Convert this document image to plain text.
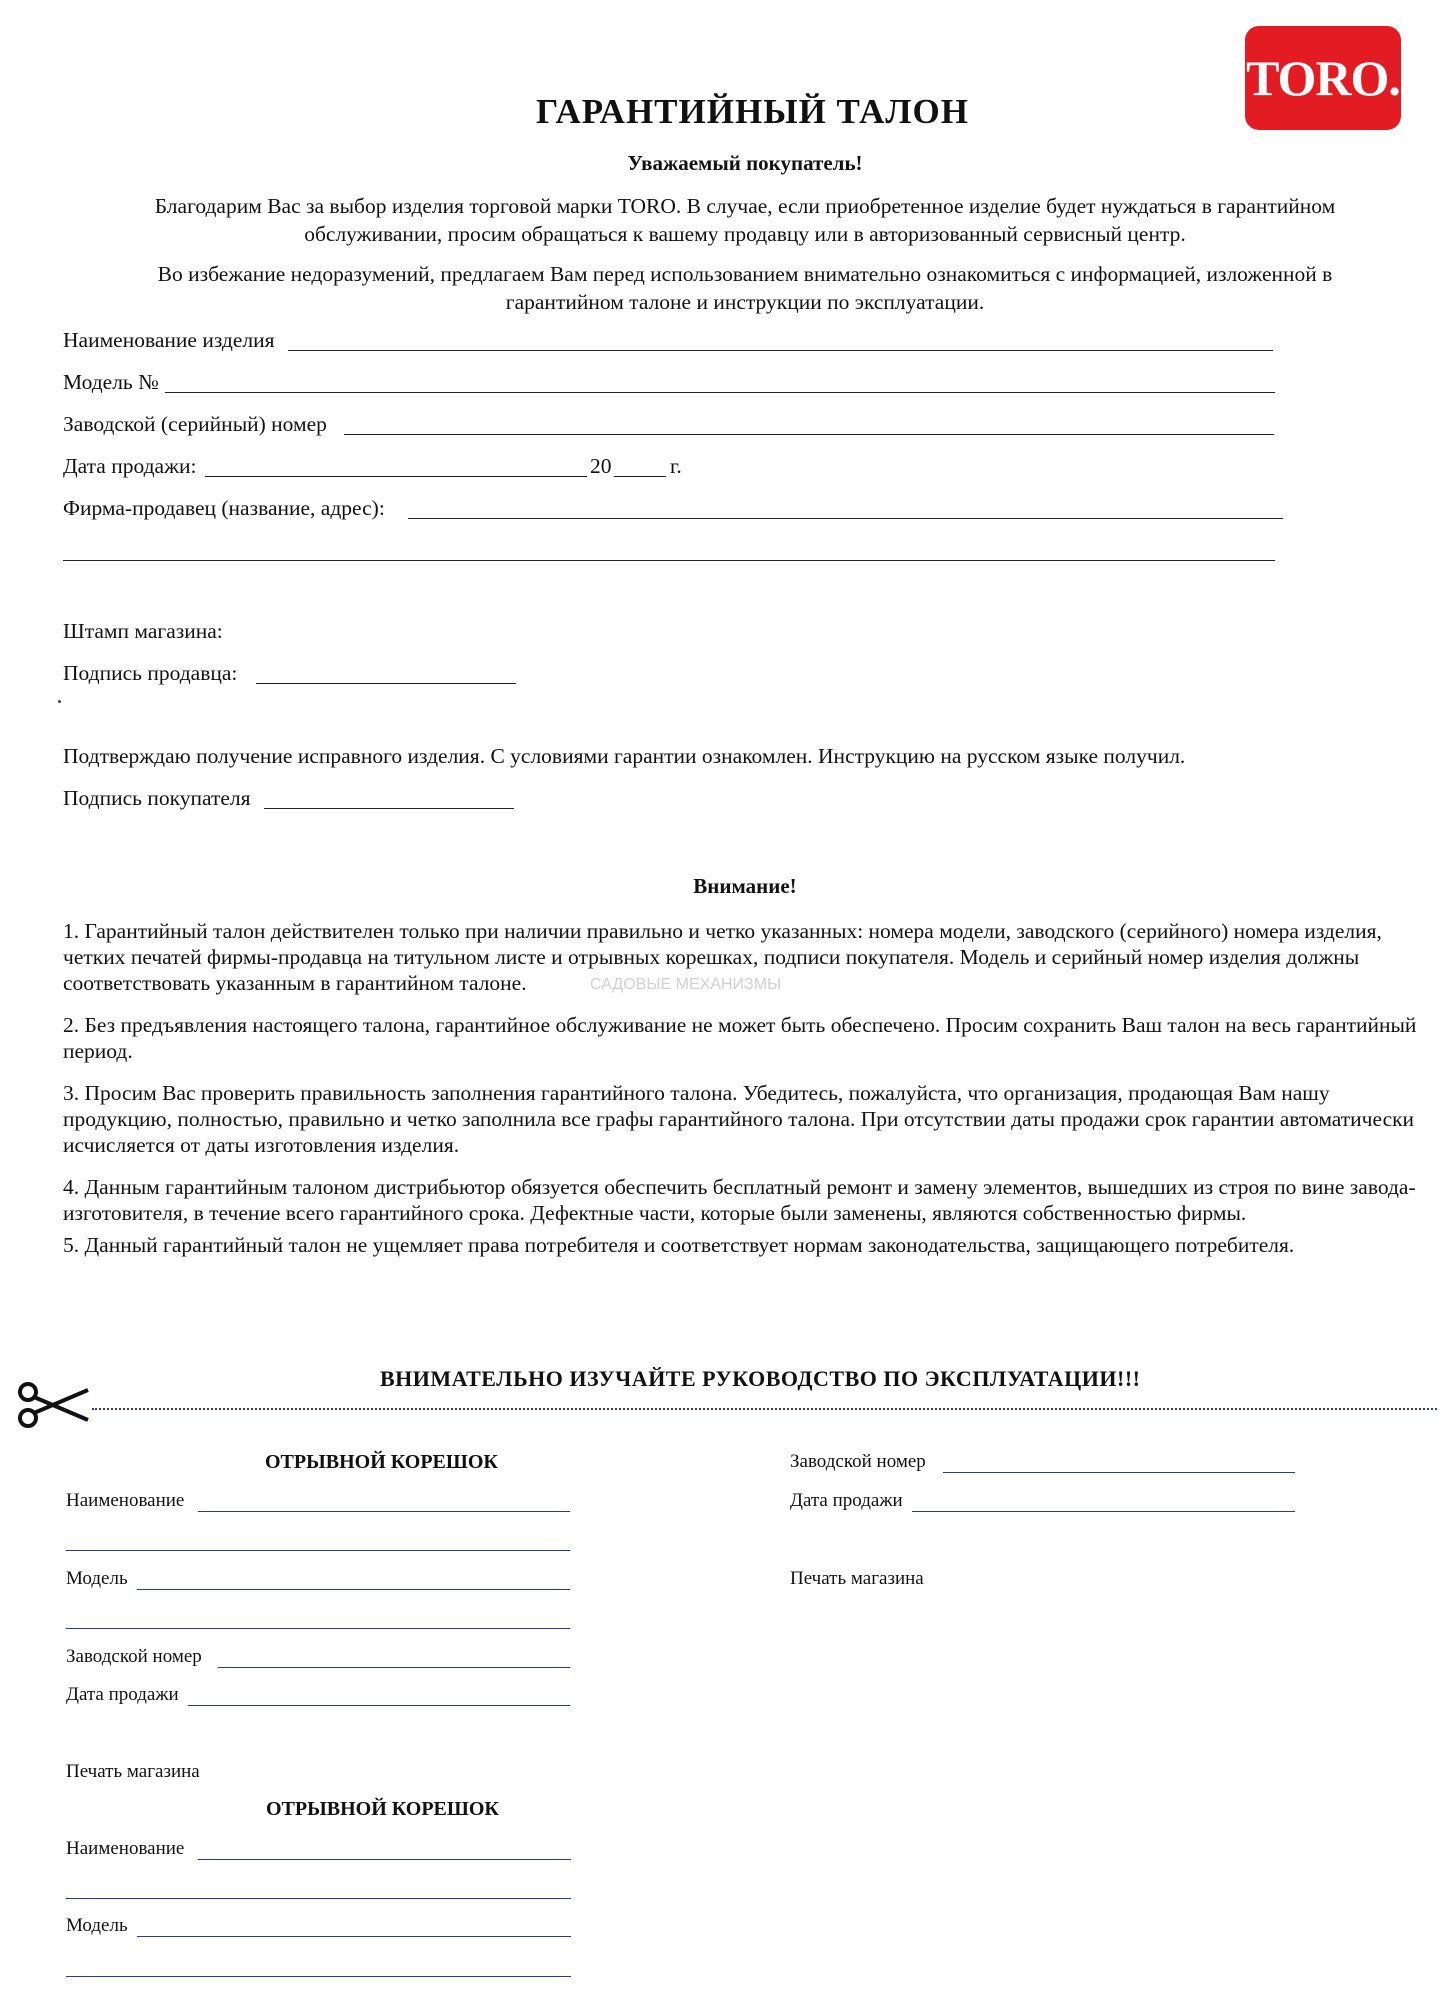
TORO.
ГАРАНТИЙНЫЙ ТАЛОН
Уважаемый покупатель!
Благодарим Вас за выбор изделия торговой марки TORO. В случае, если приобретенное изделие будет нуждаться в гарантийном обслуживании, просим обращаться к вашему продавцу или в авторизованный сервисный центр.
Во избежание недоразумений, предлагаем Вам перед использованием внимательно ознакомиться с информацией, изложенной в гарантийном талоне и инструкции по эксплуатации.
Наименование изделия
Модель №
Заводской (серийный) номер
Дата продажи:	20	г.
Фирма-продавец (название, адрес):
Штамп магазина:
Подпись продавца:
Подтверждаю получение исправного изделия. С условиями гарантии ознакомлен. Инструкцию на русском языке получил.
Подпись покупателя
Внимание!
1. Гарантийный талон действителен только при наличии правильно и четко указанных: номера модели, заводского (серийного) номера изделия, четких печатей фирмы-продавца на титульном листе и отрывных корешках, подписи покупателя. Модель и серийный номер изделия должны соответствовать указанным в гарантийном талоне.
2. Без предъявления настоящего талона, гарантийное обслуживание не может быть обеспечено. Просим сохранить Ваш талон на весь гарантийный период.
3. Просим Вас проверить правильность заполнения гарантийного талона. Убедитесь, пожалуйста, что организация, продающая Вам нашу продукцию, полностью, правильно и четко заполнила все графы гарантийного талона. При отсутствии даты продажи срок гарантии автоматически исчисляется от даты изготовления изделия.
4. Данным гарантийным талоном дистрибьютор обязуется обеспечить бесплатный ремонт и замену элементов, вышедших из строя по вине завода-изготовителя, в течение всего гарантийного срока. Дефектные части, которые были заменены, являются собственностью фирмы.
5. Данный гарантийный талон не ущемляет права потребителя и соответствует нормам законодательства, защищающего потребителя.
САДОВЫЕ МЕХАНИЗМЫ
ВНИМАТЕЛЬНО ИЗУЧАЙТЕ РУКОВОДСТВО ПО ЭКСПЛУАТАЦИИ!!!
ОТРЫВНОЙ КОРЕШОК
Наименование
Модель
Заводской номер
Дата продажи
Печать магазина
Заводской номер
Дата продажи
Печать магазина
ОТРЫВНОЙ КОРЕШОК
Наименование
Модель
